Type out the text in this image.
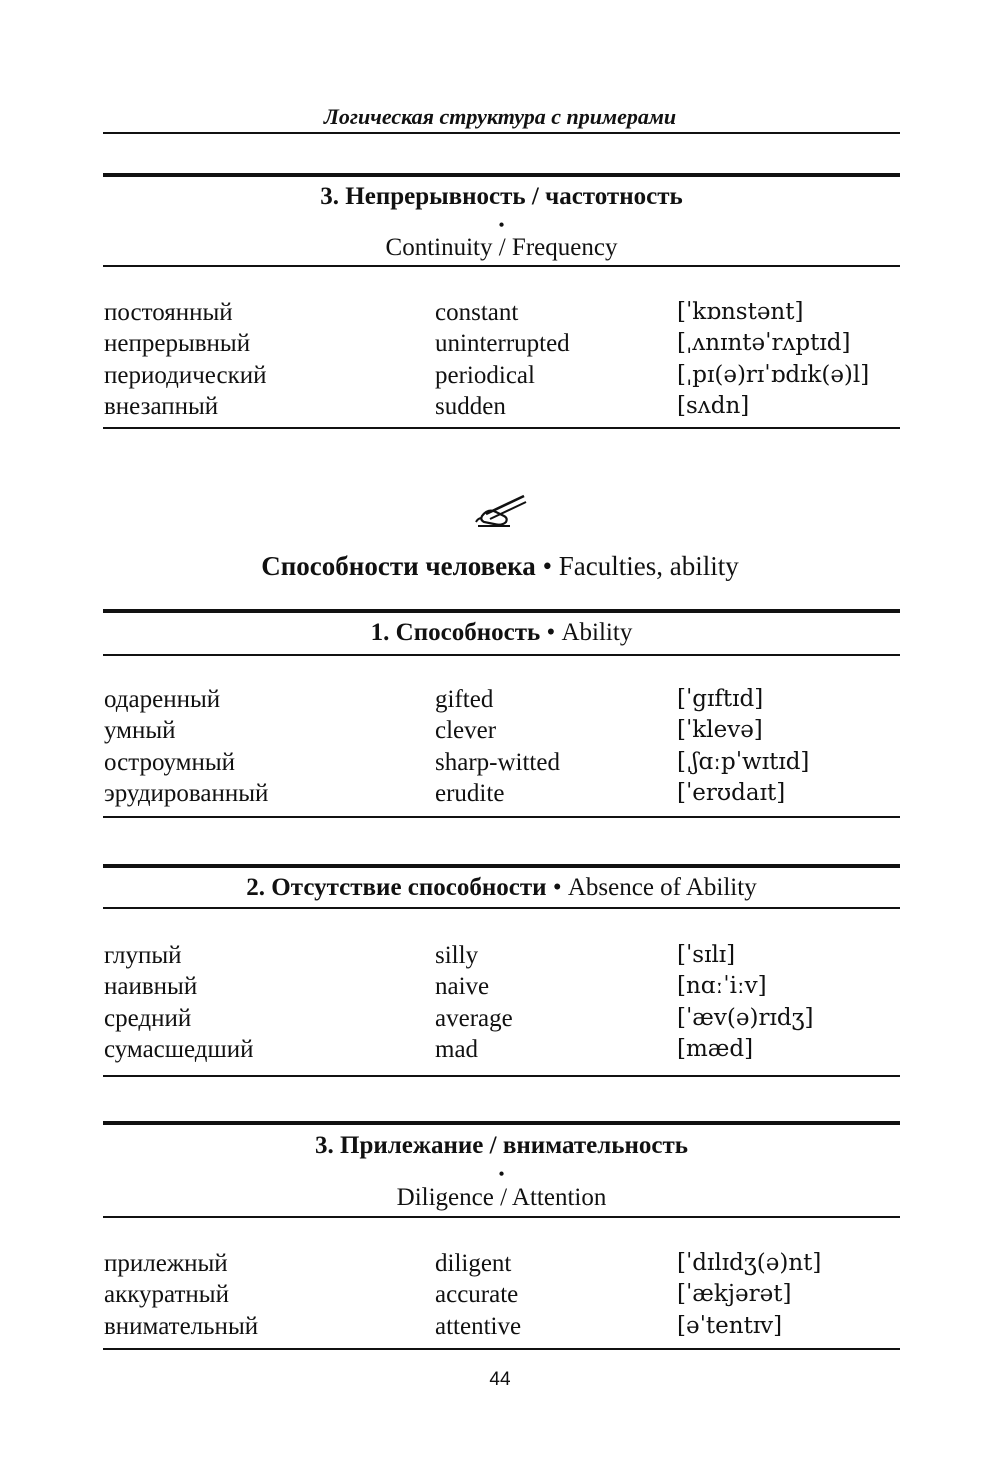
Логическая структура с примерами
3. Непрерывность / частотность
•
Continuity / Frequency
постоянный	constant	[ˈkɒnstənt]
непрерывный	uninterrupted	[ˌʌnɪntəˈrʌptɪd]
периодический	periodical	[ˌpɪ(ə)rɪˈɒdɪk(ə)l]
внезапный	sudden	[sʌdn]
Способности человека • Faculties, ability
1. Способность • Ability
одаренный	gifted	[ˈgɪftɪd]
умный	clever	[ˈklevə]
остроумный	sharp-witted	[ˌʃɑːpˈwɪtɪd]
эрудированный	erudite	[ˈerʊdaɪt]
2. Отсутствие способности • Absence of Ability
глупый	silly	[ˈsɪlɪ]
наивный	naive	[nɑːˈiːv]
средний	average	[ˈæv(ə)rɪdʒ]
сумасшедший	mad	[mæd]
3. Прилежание / внимательность
•
Diligence / Attention
прилежный	diligent	[ˈdɪlɪdʒ(ə)nt]
аккуратный	accurate	[ˈækjərət]
внимательный	attentive	[əˈtentɪv]
44
